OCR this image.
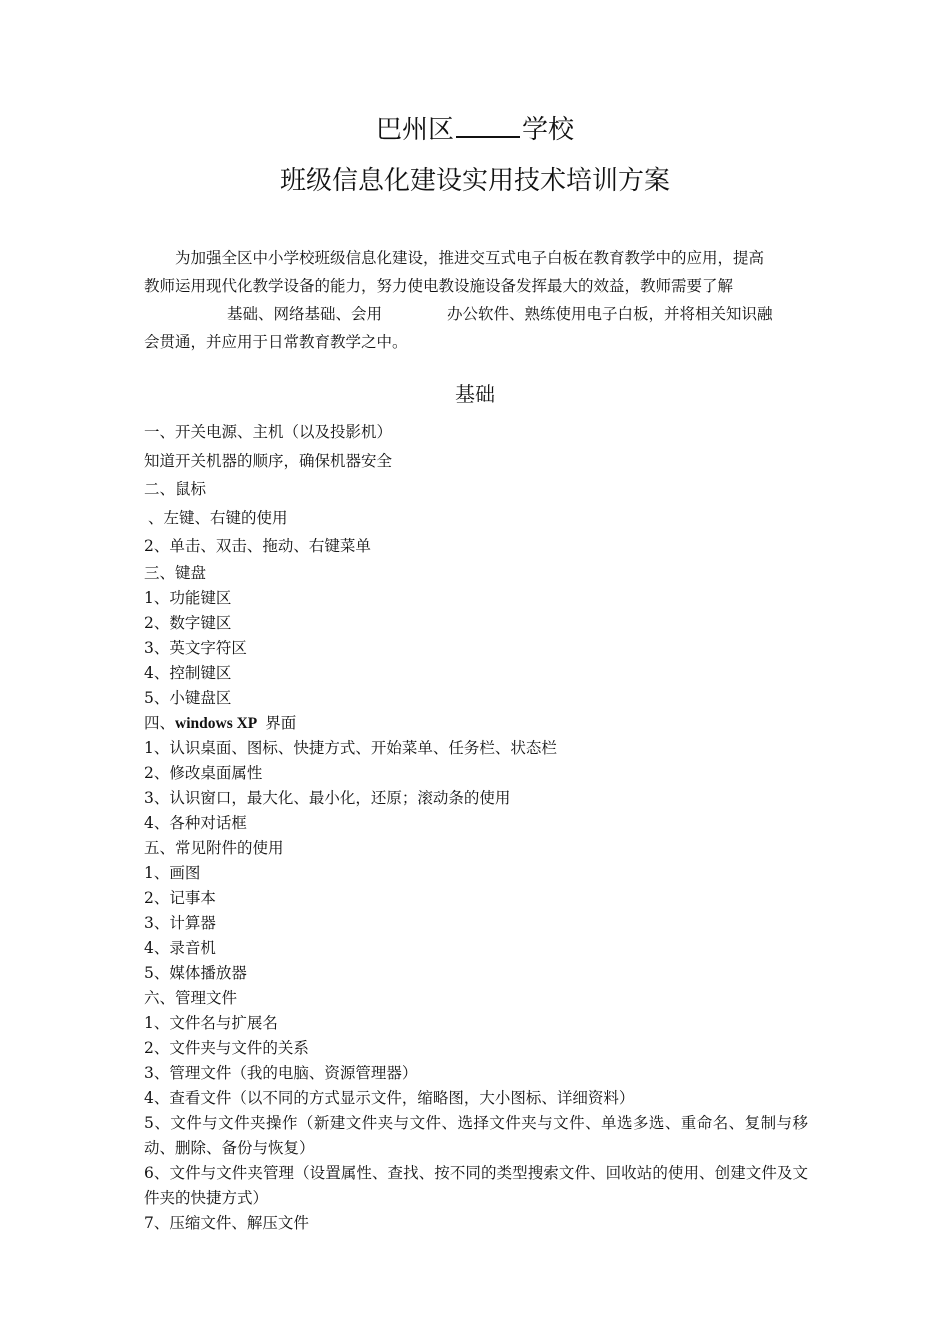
巴州区	学校
班级信息化建设实用技术培训方案

为加强全区中小学校班级信息化建设，推进交互式电子白板在教育教学中的应用，提高

教师运用现代化教学设备的能力，努力使电教设施设备发挥最大的效益，教师需要了解

基础、网络基础、会用	办公软件、熟练使用电子白板，并将相关知识融

会贯通，并应用于日常教育教学之中。

基础
一、开关电源、主机（以及投影机）
知道开关机器的顺序，确保机器安全
二、鼠标
、左键、右键的使用
2、单击、双击、拖动、右键菜单
三、键盘
1、功能键区
2、数字键区
3、英文字符区
4、控制键区
5、小键盘区
四、windows XP 界面
1、认识桌面、图标、快捷方式、开始菜单、任务栏、状态栏
2、修改桌面属性
3、认识窗口，最大化、最小化，还原；滚动条的使用
4、各种对话框
五、常见附件的使用
1、画图
2、记事本
3、计算器
4、录音机
5、媒体播放器
六、管理文件
1、文件名与扩展名
2、文件夹与文件的关系
3、管理文件（我的电脑、资源管理器）
4、查看文件（以不同的方式显示文件，缩略图，大小图标、详细资料）
5、文件与文件夹操作（新建文件夹与文件、选择文件夹与文件、单选多选、重命名、复制与移动、删除、备份与恢复）
6、文件与文件夹管理（设置属性、查找、按不同的类型搜索文件、回收站的使用、创建文件及文件夹的快捷方式）
7、压缩文件、解压文件
